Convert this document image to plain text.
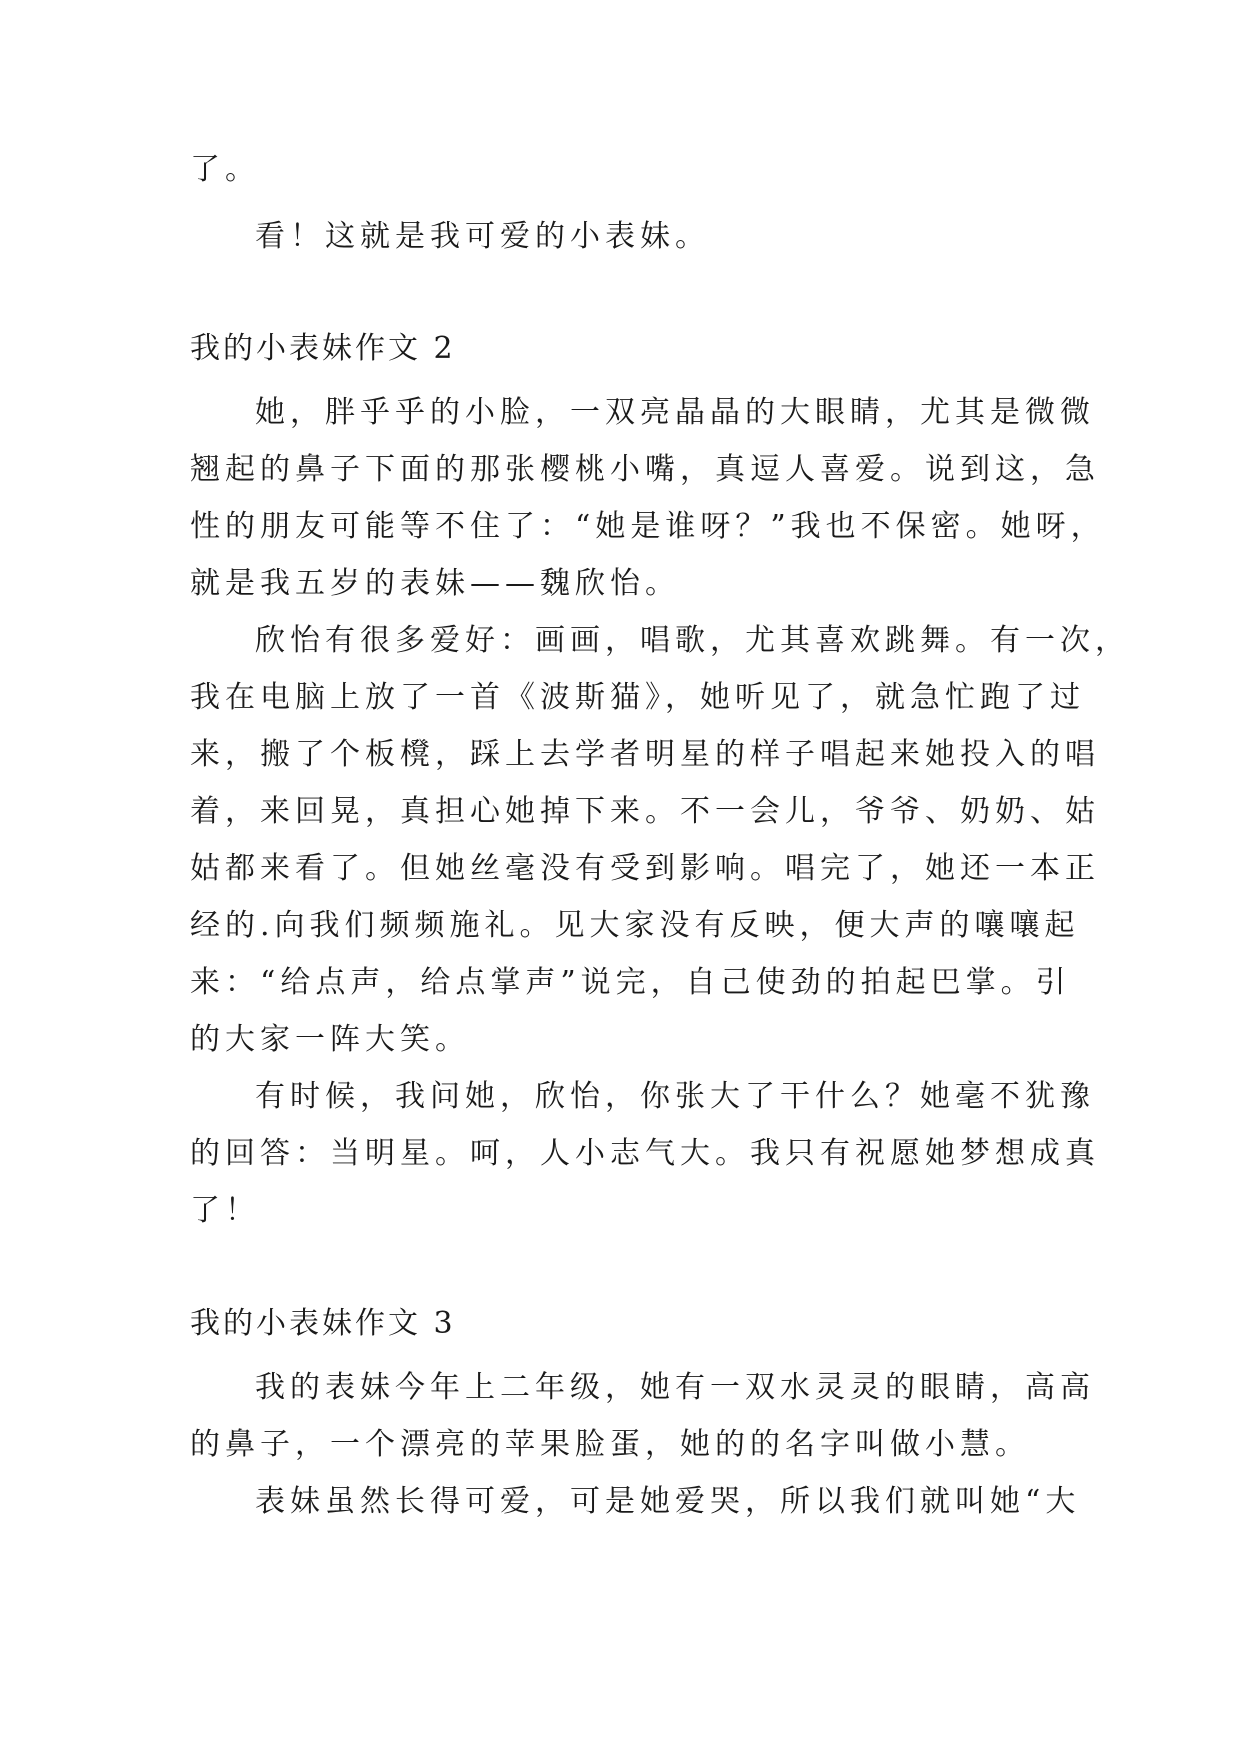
了。
看！这就是我可爱的小表妹。
我的小表妹作文 2
她，胖乎乎的小脸，一双亮晶晶的大眼睛，尤其是微微
翘起的鼻子下面的那张樱桃小嘴，真逗人喜爱。说到这，急
性的朋友可能等不住了：“她是谁呀？”我也不保密。她呀，
就是我五岁的表妹——魏欣怡。
欣怡有很多爱好：画画，唱歌，尤其喜欢跳舞。有一次，
我在电脑上放了一首《波斯猫》，她听见了，就急忙跑了过
来，搬了个板櫈，踩上去学者明星的样子唱起来她投入的唱
着，来回晃，真担心她掉下来。不一会儿，爷爷、奶奶、姑
姑都来看了。但她丝毫没有受到影响。唱完了，她还一本正
经的.向我们频频施礼。见大家没有反映，便大声的嚷嚷起
来：“给点声，给点掌声”说完，自己使劲的拍起巴掌。引
的大家一阵大笑。
有时候，我问她，欣怡，你张大了干什么？她毫不犹豫
的回答：当明星。呵，人小志气大。我只有祝愿她梦想成真
了！
我的小表妹作文 3
我的表妹今年上二年级，她有一双水灵灵的眼睛，高高
的鼻子，一个漂亮的苹果脸蛋，她的的名字叫做小慧。
表妹虽然长得可爱，可是她爱哭，所以我们就叫她“大
